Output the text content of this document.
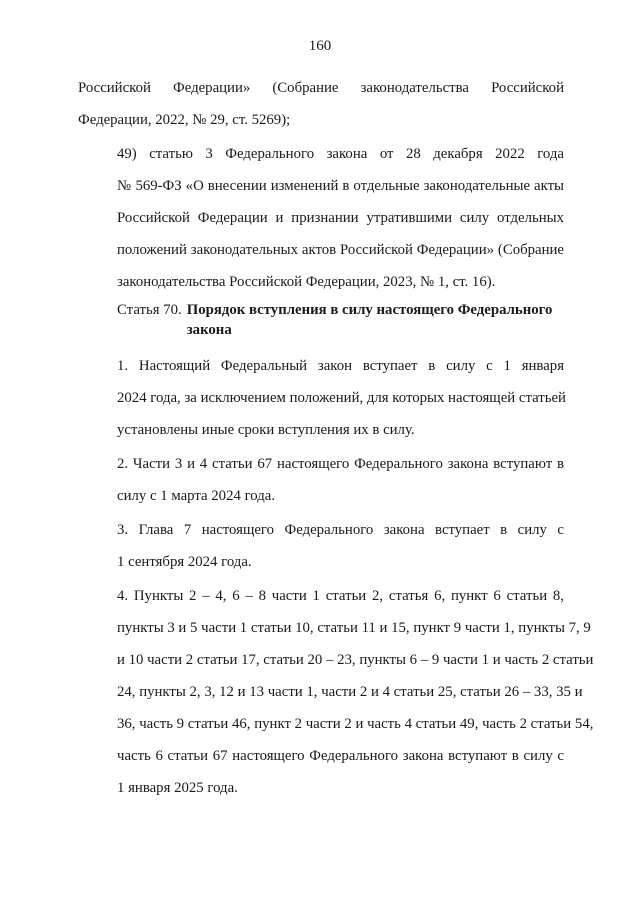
160
Российской Федерации» (Собрание законодательства Российской
Федерации, 2022, № 29, ст. 5269);
49) статью 3 Федерального закона от 28 декабря 2022 года
№ 569-ФЗ «О внесении изменений в отдельные законодательные акты
Российской Федерации и признании утратившими силу отдельных
положений законодательных актов Российской Федерации» (Собрание
законодательства Российской Федерации, 2023, № 1, ст. 16).
Статья 70. Порядок вступления в силу настоящего Федерального закона
1. Настоящий Федеральный закон вступает в силу с 1 января
2024 года, за исключением положений, для которых настоящей статьей
установлены иные сроки вступления их в силу.
2. Части 3 и 4 статьи 67 настоящего Федерального закона вступают в
силу с 1 марта 2024 года.
3. Глава 7 настоящего Федерального закона вступает в силу с
1 сентября 2024 года.
4. Пункты 2 – 4, 6 – 8 части 1 статьи 2, статья 6, пункт 6 статьи 8,
пункты 3 и 5 части 1 статьи 10, статьи 11 и 15, пункт 9 части 1, пункты 7, 9
и 10 части 2 статьи 17, статьи 20 – 23, пункты 6 – 9 части 1 и часть 2 статьи
24, пункты 2, 3, 12 и 13 части 1, части 2 и 4 статьи 25, статьи 26 – 33, 35 и
36, часть 9 статьи 46, пункт 2 части 2 и часть 4 статьи 49, часть 2 статьи 54,
часть 6 статьи 67 настоящего Федерального закона вступают в силу с
1 января 2025 года.
